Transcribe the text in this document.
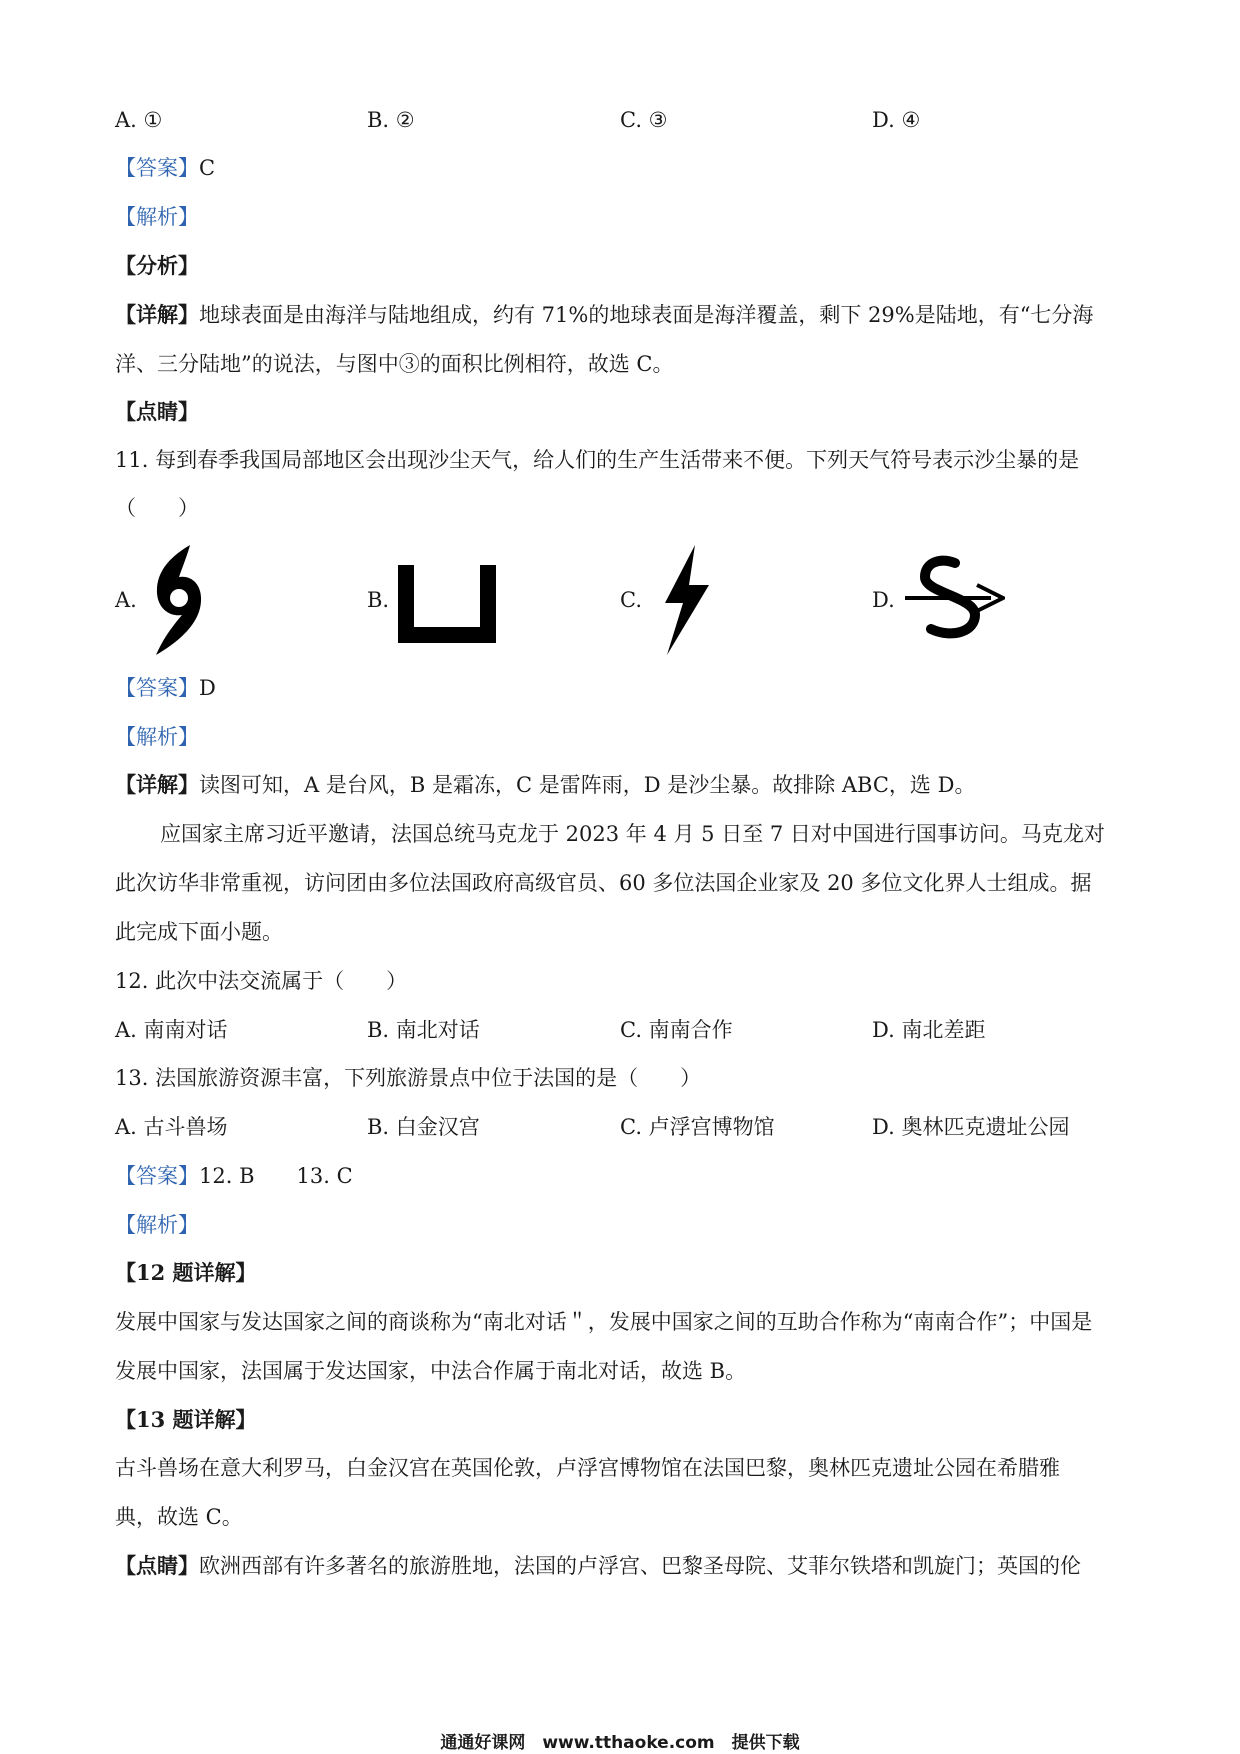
A. ①	B. ②	C. ③	D. ④
【答案】C
【解析】
【分析】
【详解】地球表面是由海洋与陆地组成，约有 71%的地球表面是海洋覆盖，剩下 29%是陆地，有“七分海
洋、三分陆地”的说法，与图中③的面积比例相符，故选 C。
【点睛】
11. 每到春季我国局部地区会出现沙尘天气，给人们的生产生活带来不便。下列天气符号表示沙尘暴的是
（　　）
A.	B.	C.	D.
【答案】D
【解析】
【详解】读图可知，A 是台风，B 是霜冻，C 是雷阵雨，D 是沙尘暴。故排除 ABC，选 D。
应国家主席习近平邀请，法国总统马克龙于 2023 年 4 月 5 日至 7 日对中国进行国事访问。马克龙对
此次访华非常重视，访问团由多位法国政府高级官员、60 多位法国企业家及 20 多位文化界人士组成。据
此完成下面小题。
12. 此次中法交流属于（　　）
A. 南南对话	B. 南北对话	C. 南南合作	D. 南北差距
13. 法国旅游资源丰富，下列旅游景点中位于法国的是（　　）
A. 古斗兽场	B. 白金汉宫	C. 卢浮宫博物馆	D. 奥林匹克遗址公园
【答案】12. B　　13. C
【解析】
【12 题详解】
发展中国家与发达国家之间的商谈称为“南北对话＂，发展中国家之间的互助合作称为“南南合作”；中国是
发展中国家，法国属于发达国家，中法合作属于南北对话，故选 B。
【13 题详解】
古斗兽场在意大利罗马，白金汉宫在英国伦敦，卢浮宫博物馆在法国巴黎，奥林匹克遗址公园在希腊雅
典，故选 C。
【点睛】欧洲西部有许多著名的旅游胜地，法国的卢浮宫、巴黎圣母院、艾菲尔铁塔和凯旋门；英国的伦
通通好课网　www.tthaoke.com　提供下载
